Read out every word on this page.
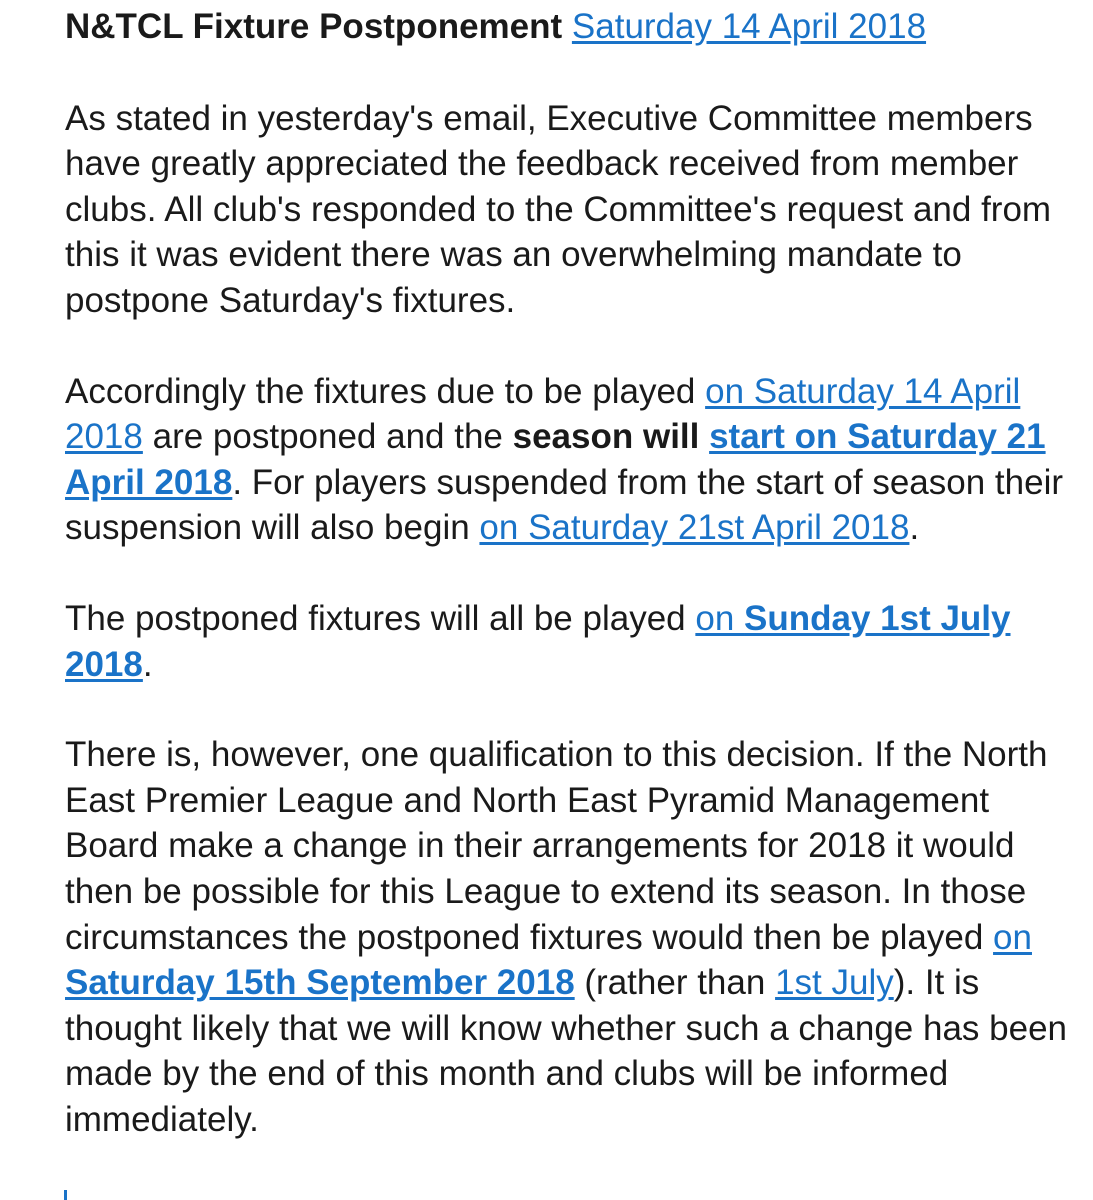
N&TCL Fixture Postponement Saturday 14 April 2018

As stated in yesterday's email, Executive Committee members have greatly appreciated the feedback received from member clubs. All club's responded to the Committee's request and from this it was evident there was an overwhelming mandate to postpone Saturday's fixtures.

Accordingly the fixtures due to be played on Saturday 14 April 2018 are postponed and the season will start on Saturday 21 April 2018. For players suspended from the start of season their suspension will also begin on Saturday 21st April 2018.

The postponed fixtures will all be played on Sunday 1st July 2018.

There is, however, one qualification to this decision. If the North East Premier League and North East Pyramid Management Board make a change in their arrangements for 2018 it would then be possible for this League to extend its season. In those circumstances the postponed fixtures would then be played on Saturday 15th September 2018 (rather than 1st July). It is thought likely that we will know whether such a change has been made by the end of this month and clubs will be informed immediately.
